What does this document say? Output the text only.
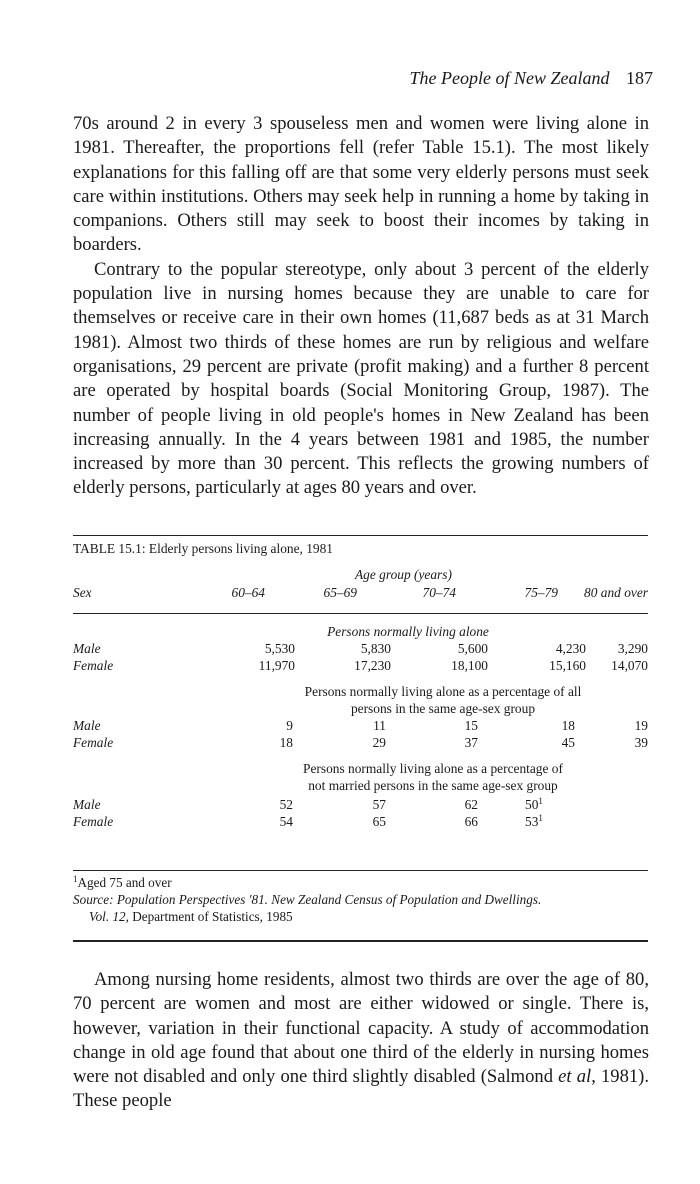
The People of New Zealand 187

70s around 2 in every 3 spouseless men and women were living alone in 1981. Thereafter, the proportions fell (refer Table 15.1). The most likely explanations for this falling off are that some very elderly persons must seek care within institutions. Others may seek help in running a home by taking in companions. Others still may seek to boost their incomes by taking in boarders.

Contrary to the popular stereotype, only about 3 percent of the elderly population live in nursing homes because they are unable to care for themselves or receive care in their own homes (11,687 beds as at 31 March 1981). Almost two thirds of these homes are run by religious and welfare organisations, 29 percent are private (profit making) and a further 8 percent are operated by hospital boards (Social Monitoring Group, 1987). The number of people living in old people's homes in New Zealand has been increasing annually. In the 4 years between 1981 and 1985, the number increased by more than 30 percent. This reflects the growing numbers of elderly persons, particularly at ages 80 years and over.

TABLE 15.1: Elderly persons living alone, 1981
Age group (years)
Sex	60–64	65–69	70–74	75–79	80 and over
Persons normally living alone
Male	5,530	5,830	5,600	4,230	3,290
Female	11,970	17,230	18,100	15,160	14,070
Persons normally living alone as a percentage of all
persons in the same age-sex group
Male	9	11	15	18	19
Female	18	29	37	45	39
Persons normally living alone as a percentage of
not married persons in the same age-sex group
Male	52	57	62	$50^1$
Female	54	65	66	$53^1$
$^1$Aged 75 and over
Source: Population Perspectives '81. New Zealand Census of Population and Dwellings.
Vol. 12, Department of Statistics, 1985

Among nursing home residents, almost two thirds are over the age of 80, 70 percent are women and most are either widowed or single. There is, however, variation in their functional capacity. A study of accommodation change in old age found that about one third of the elderly in nursing homes were not disabled and only one third slightly disabled (Salmond et al, 1981). These people
